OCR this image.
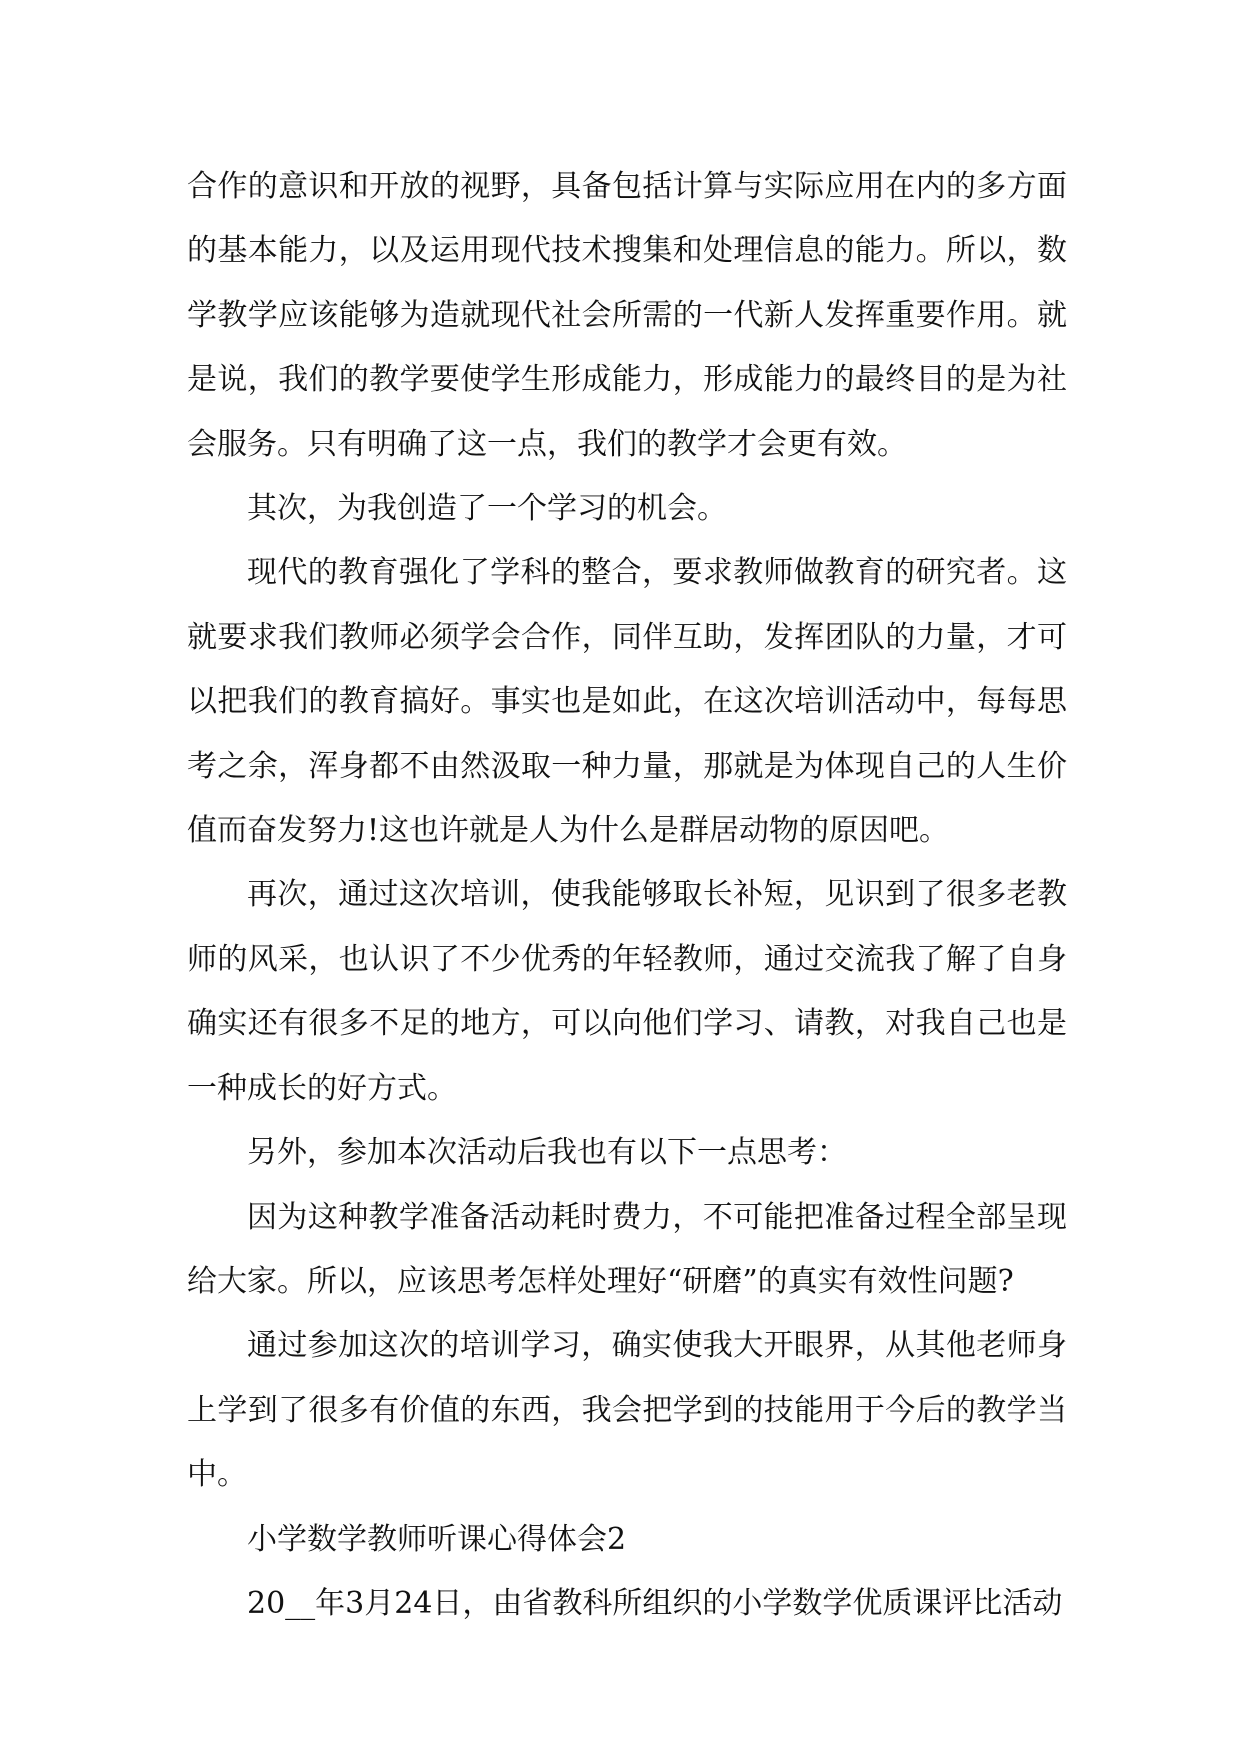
合作的意识和开放的视野，具备包括计算与实际应用在内的多方面的基本能力，以及运用现代技术搜集和处理信息的能力。所以，数学教学应该能够为造就现代社会所需的一代新人发挥重要作用。就是说，我们的教学要使学生形成能力，形成能力的最终目的是为社会服务。只有明确了这一点，我们的教学才会更有效。

其次，为我创造了一个学习的机会。

现代的教育强化了学科的整合，要求教师做教育的研究者。这就要求我们教师必须学会合作，同伴互助，发挥团队的力量，才可以把我们的教育搞好。事实也是如此，在这次培训活动中，每每思考之余，浑身都不由然汲取一种力量，那就是为体现自己的人生价值而奋发努力!这也许就是人为什么是群居动物的原因吧。

再次，通过这次培训，使我能够取长补短，见识到了很多老教师的风采，也认识了不少优秀的年轻教师，通过交流我了解了自身确实还有很多不足的地方，可以向他们学习、请教，对我自己也是一种成长的好方式。

另外，参加本次活动后我也有以下一点思考：

因为这种教学准备活动耗时费力，不可能把准备过程全部呈现给大家。所以，应该思考怎样处理好“研磨”的真实有效性问题?

通过参加这次的培训学习，确实使我大开眼界，从其他老师身上学到了很多有价值的东西，我会把学到的技能用于今后的教学当中。

小学数学教师听课心得体会2

20__年3月24日，由省教科所组织的小学数学优质课评比活动
